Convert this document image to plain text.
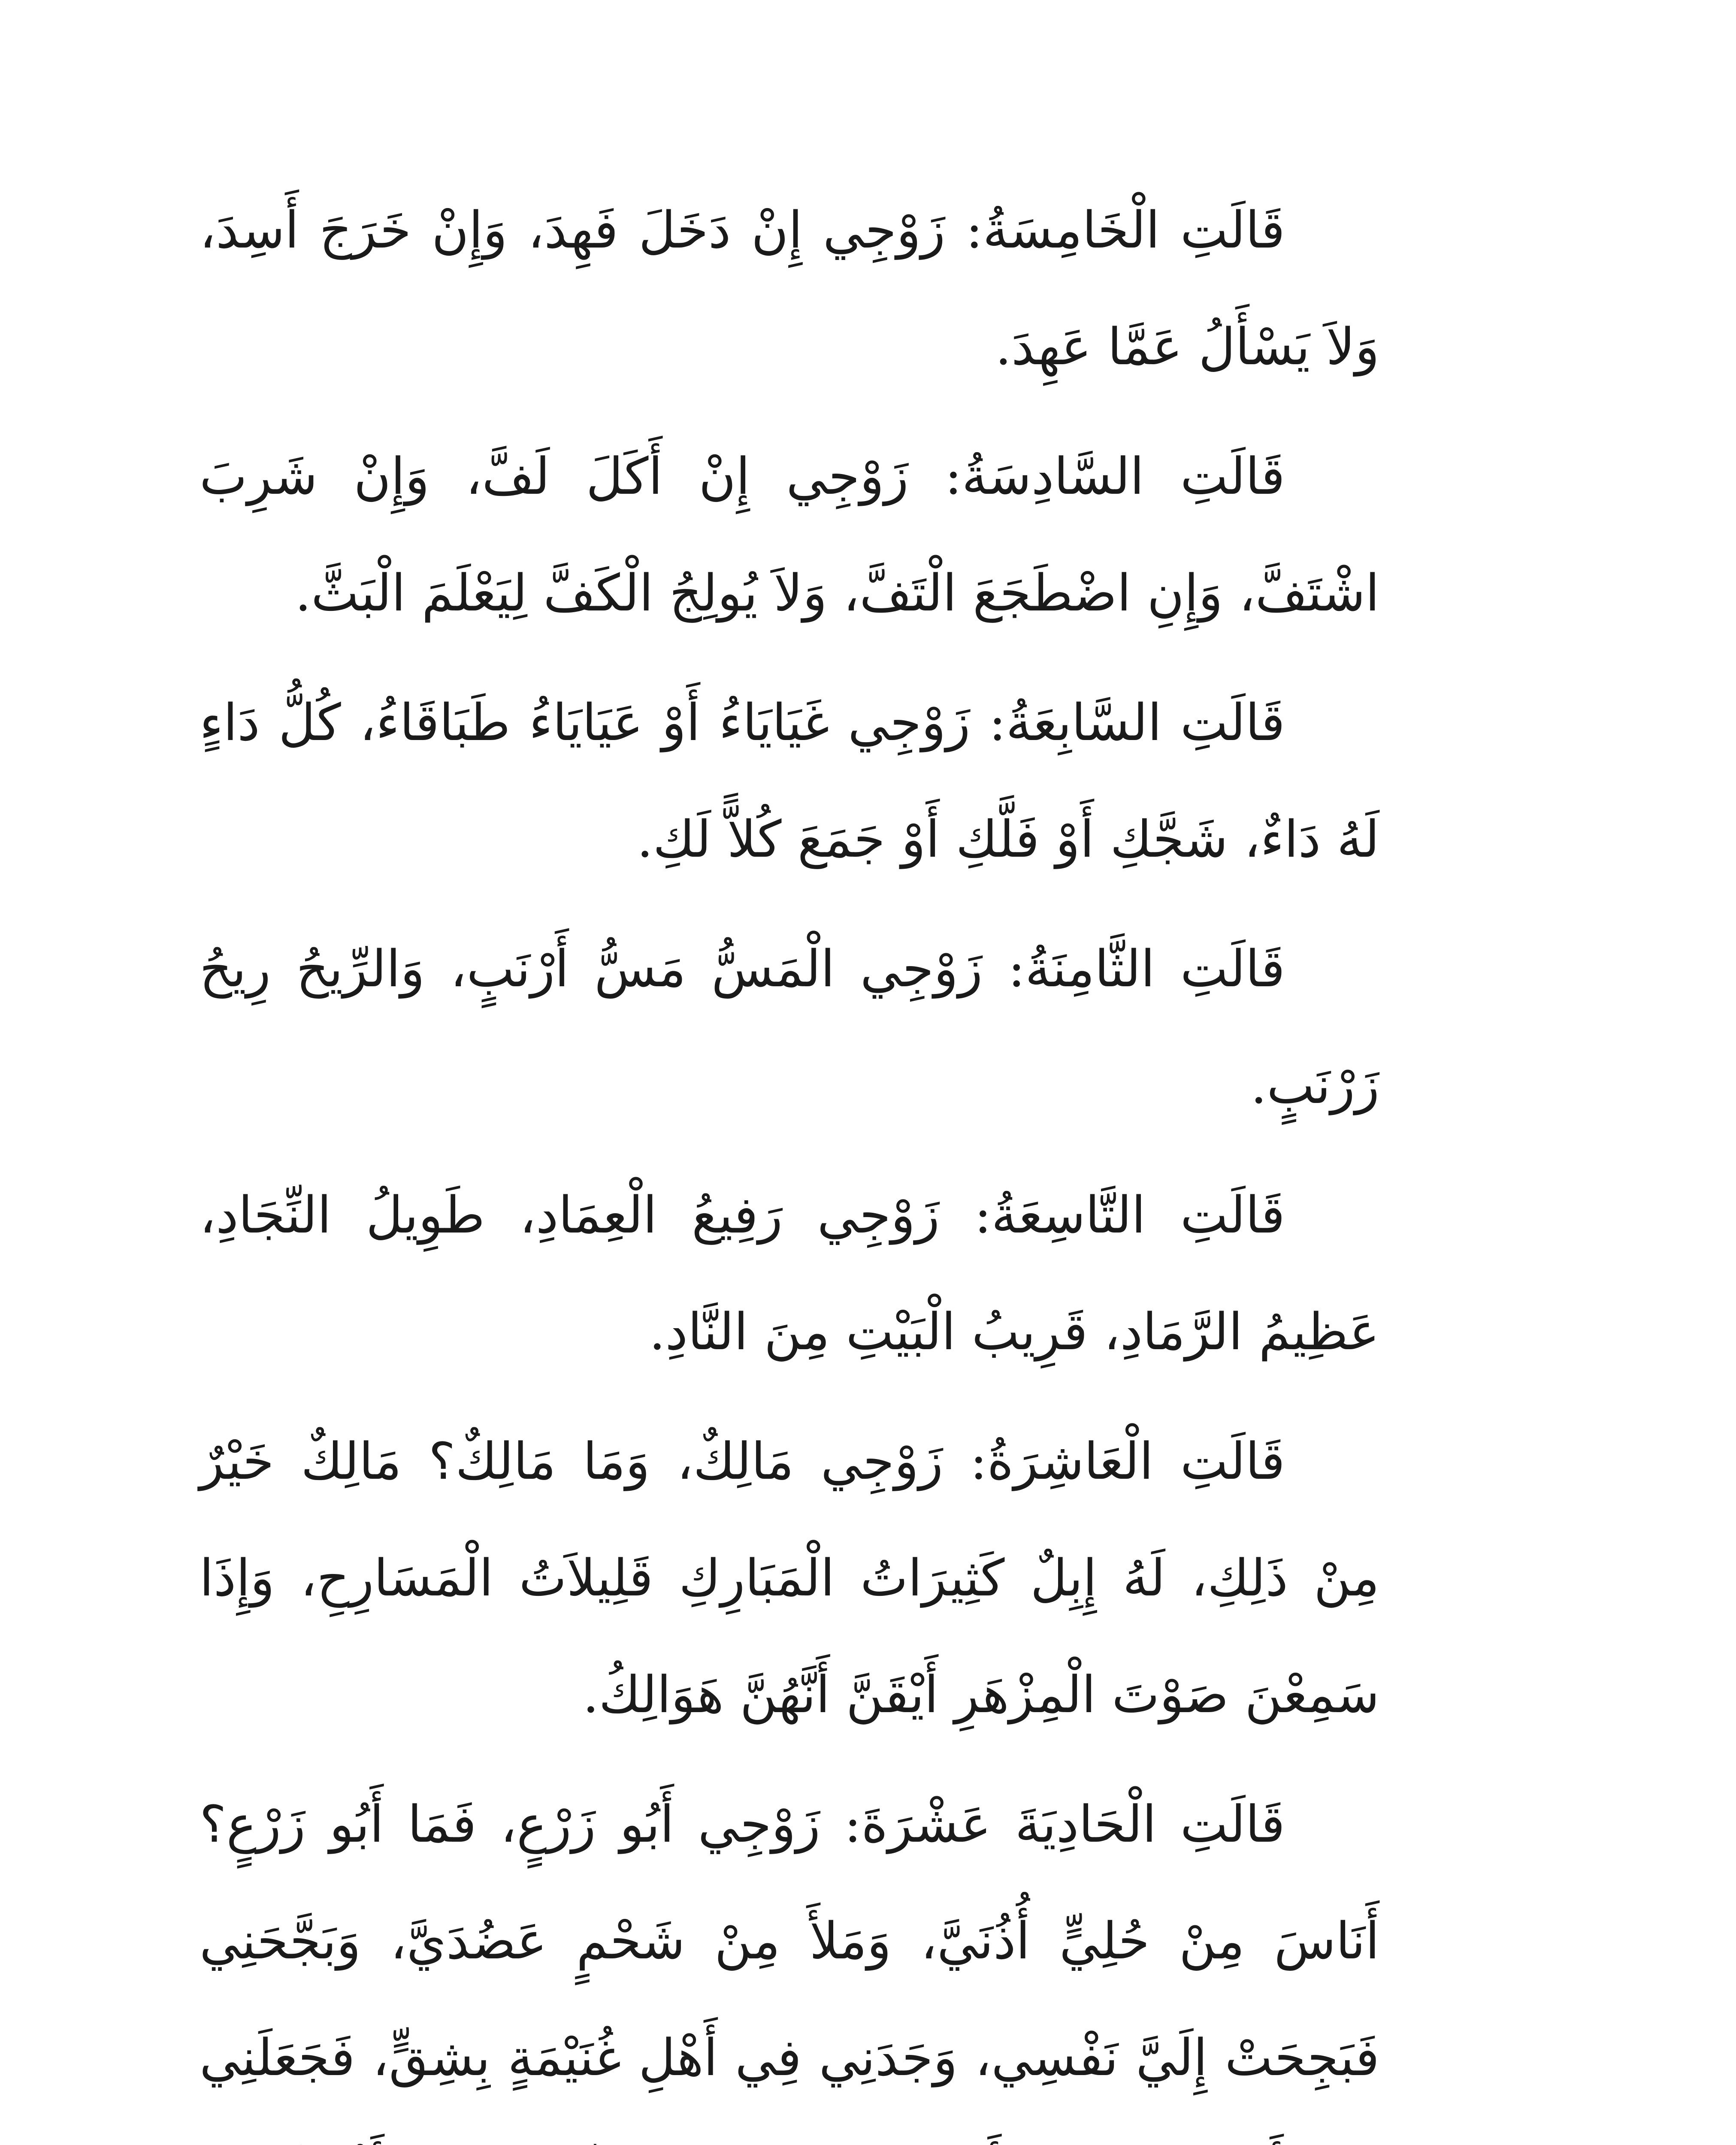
قَالَتِ الْخَامِسَةُ: زَوْجِي إِنْ دَخَلَ فَهِدَ، وَإِنْ خَرَجَ أَسِدَ، وَلاَ يَسْأَلُ عَمَّا عَهِدَ.

قَالَتِ السَّادِسَةُ: زَوْجِي إِنْ أَكَلَ لَفَّ، وَإِنْ شَرِبَ اشْتَفَّ، وَإِنِ اضْطَجَعَ الْتَفَّ، وَلاَ يُولِجُ الْكَفَّ لِيَعْلَمَ الْبَثَّ.

قَالَتِ السَّابِعَةُ: زَوْجِي غَيَايَاءُ أَوْ عَيَايَاءُ طَبَاقَاءُ، كُلُّ دَاءٍ لَهُ دَاءٌ، شَجَّكِ أَوْ فَلَّكِ أَوْ جَمَعَ كُلاًّ لَكِ.

قَالَتِ الثَّامِنَةُ: زَوْجِي الْمَسُّ مَسُّ أَرْنَبٍ، وَالرِّيحُ رِيحُ زَرْنَبٍ.

قَالَتِ التَّاسِعَةُ: زَوْجِي رَفِيعُ الْعِمَادِ، طَوِيلُ النِّجَادِ، عَظِيمُ الرَّمَادِ، قَرِيبُ الْبَيْتِ مِنَ النَّادِ.

قَالَتِ الْعَاشِرَةُ: زَوْجِي مَالِكٌ، وَمَا مَالِكٌ؟ مَالِكٌ خَيْرٌ مِنْ ذَلِكِ، لَهُ إِبِلٌ كَثِيرَاتُ الْمَبَارِكِ قَلِيلاَتُ الْمَسَارِحِ، وَإِذَا سَمِعْنَ صَوْتَ الْمِزْهَرِ أَيْقَنَّ أَنَّهُنَّ هَوَالِكُ.

قَالَتِ الْحَادِيَةَ عَشْرَةَ: زَوْجِي أَبُو زَرْعٍ، فَمَا أَبُو زَرْعٍ؟ أَنَاسَ مِنْ حُلِيٍّ أُذُنَيَّ، وَمَلأَ مِنْ شَحْمٍ عَضُدَيَّ، وَبَجَّحَنِي فَبَجِحَتْ إِلَيَّ نَفْسِي، وَجَدَنِي فِي أَهْلِ غُنَيْمَةٍ بِشِقٍّ، فَجَعَلَنِي
